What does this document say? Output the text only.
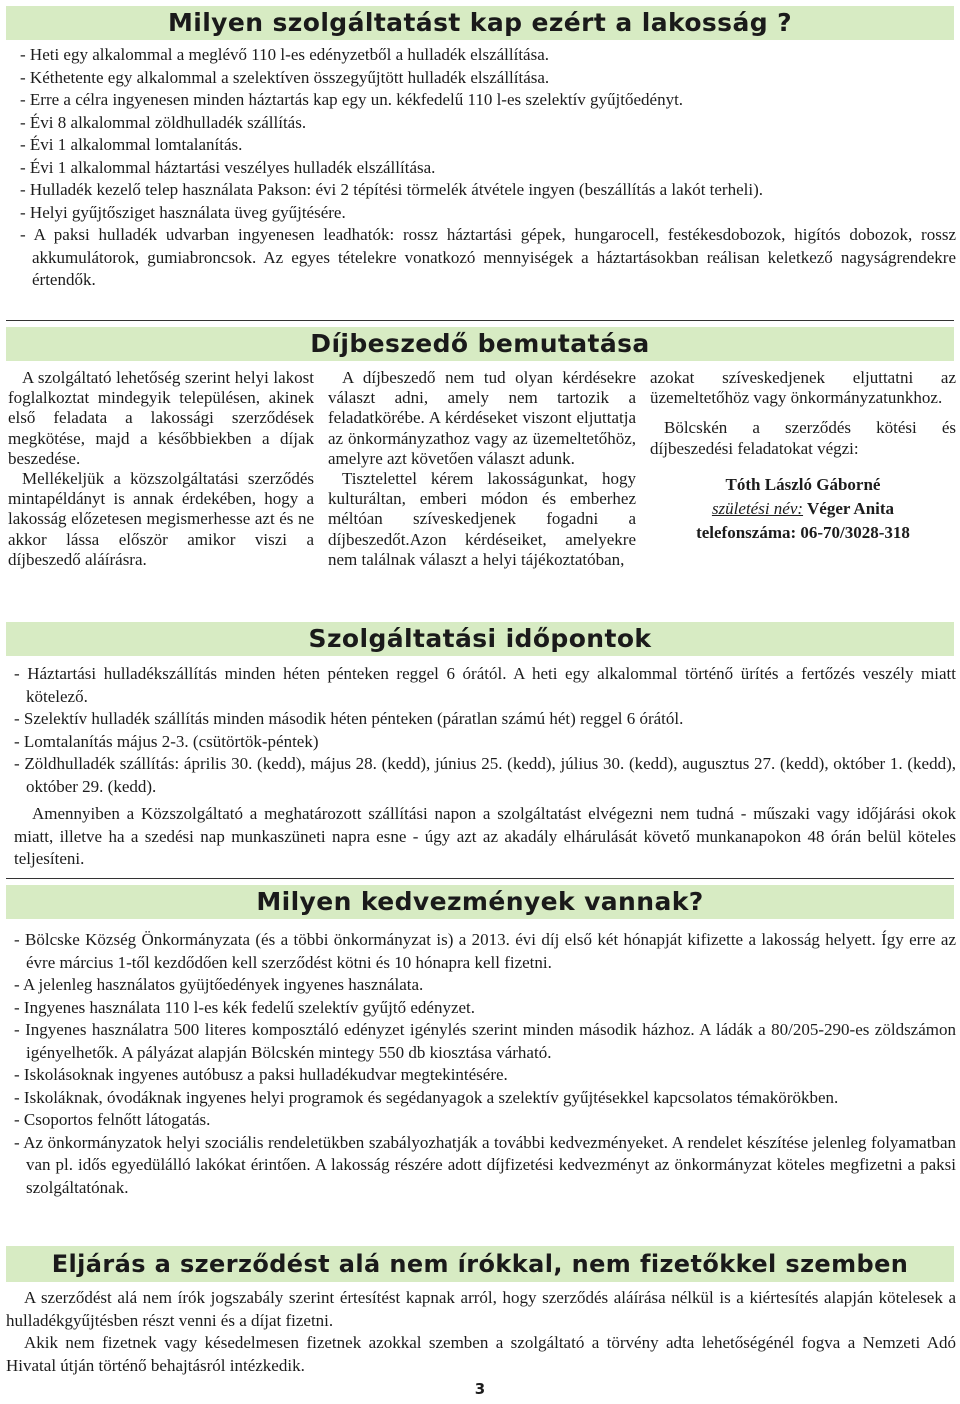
Milyen szolgáltatást kap ezért a lakosság ?
- Heti egy alkalommal a meglévő 110 l-es edényzetből a hulladék elszállítása.
- Kéthetente egy alkalommal a szelektíven összegyűjtött hulladék elszállítása.
- Erre a célra ingyenesen minden háztartás kap egy un. kékfedelű 110 l-es szelektív gyűjtőedényt.
- Évi 8 alkalommal zöldhulladék szállítás.
- Évi 1 alkalommal lomtalanítás.
- Évi 1 alkalommal háztartási veszélyes hulladék elszállítása.
- Hulladék kezelő telep használata Pakson: évi 2 tépítési törmelék átvétele ingyen (beszállítás a lakót terheli).
- Helyi gyűjtősziget használata üveg gyűjtésére.
- A paksi hulladék udvarban ingyenesen leadhatók: rossz háztartási gépek, hungarocell, festékesdobozok, higítós dobozok, rossz akkumulátorok, gumiabroncsok. Az egyes tételekre vonatkozó mennyiségek a háztartásokban reálisan keletkező nagyságrendekre értendők.
Díjbeszedő bemutatása

A szolgáltató lehetőség szerint helyi lakost foglalkoztat mindegyik településen, akinek első feladata a lakossági szerződések megkötése, majd a későbbiekben a díjak beszedése.

Mellékeljük a közszolgáltatási szerződés mintapéldányt is annak érdekében, hogy a lakosság előzetesen megismerhesse azt és ne akkor lássa először amikor viszi a díjbeszedő aláírásra.

A díjbeszedő nem tud olyan kérdésekre választ adni, amely nem tartozik a feladatkörébe. A kérdéseket viszont eljuttatja az önkormányzathoz vagy az üzemeltetőhöz, amelyre azt követően választ adunk.

Tisztelettel kérem lakosságunkat, hogy kulturáltan, emberi módon és emberhez méltóan szíveskedjenek fogadni a díjbeszedőt.Azon kérdéseiket, amelyekre nem találnak választ a helyi tájékoztatóban,

azokat szíveskedjenek eljuttatni az üzemeltetőhöz vagy önkormányzatunkhoz.

Bölcskén a szerződés kötési és díjbeszedési feladatokat végzi:

Tóth László Gáborné
születési név: Véger Anita
telefonszáma: 06-70/3028-318
Szolgáltatási időpontok
- Háztartási hulladékszállítás minden héten pénteken reggel 6 órától. A heti egy alkalommal történő ürítés a fertőzés veszély miatt kötelező.
- Szelektív hulladék szállítás minden második héten pénteken (páratlan számú hét) reggel 6 órától.
- Lomtalanítás május 2-3. (csütörtök-péntek)
- Zöldhulladék szállítás: április 30. (kedd), május 28. (kedd), június 25. (kedd), július 30. (kedd), augusztus 27. (kedd), október 1. (kedd), október 29. (kedd).

Amennyiben a Közszolgáltató a meghatározott szállítási napon a szolgáltatást elvégezni nem tudná - műszaki vagy időjárási okok miatt, illetve ha a szedési nap munkaszüneti napra esne - úgy azt az akadály elhárulását követő munkanapokon 48 órán belül köteles teljesíteni.

Milyen kedvezmények vannak?
- Bölcske Község Önkormányzata (és a többi önkormányzat is) a 2013. évi díj első két hónapját kifizette a lakosság helyett. Így erre az évre március 1-től kezdődően kell szerződést kötni és 10 hónapra kell fizetni.
- A jelenleg használatos gyüjtőedények ingyenes használata.
- Ingyenes használata 110 l-es kék fedelű szelektív gyűjtő edényzet.
- Ingyenes használatra 500 literes komposztáló edényzet igénylés szerint minden második házhoz. A ládák a 80/205-290-es zöldszámon igényelhetők. A pályázat alapján Bölcskén mintegy 550 db kiosztása várható.
- Iskolásoknak ingyenes autóbusz a paksi hulladékudvar megtekintésére.
- Iskoláknak, óvodáknak ingyenes helyi programok és segédanyagok a szelektív gyűjtésekkel kapcsolatos témakörökben.
- Csoportos felnőtt látogatás.
- Az önkormányzatok helyi szociális rendeletükben szabályozhatják a további kedvezményeket. A rendelet készítése jelenleg folyamatban van pl. idős egyedülálló lakókat érintően. A lakosság részére adott díjfizetési kedvezményt az önkormányzat köteles megfizetni a paksi szolgáltatónak.
Eljárás a szerződést alá nem írókkal, nem fizetőkkel szemben

A szerződést alá nem írók jogszabály szerint értesítést kapnak arról, hogy szerződés aláírása nélkül is a kiértesítés alapján kötelesek a hulladékgyűjtésben részt venni és a díjat fizetni.

Akik nem fizetnek vagy késedelmesen fizetnek azokkal szemben a szolgáltató a törvény adta lehetőségénél fogva a Nemzeti Adó Hivatal útján történő behajtásról intézkedik.

3
